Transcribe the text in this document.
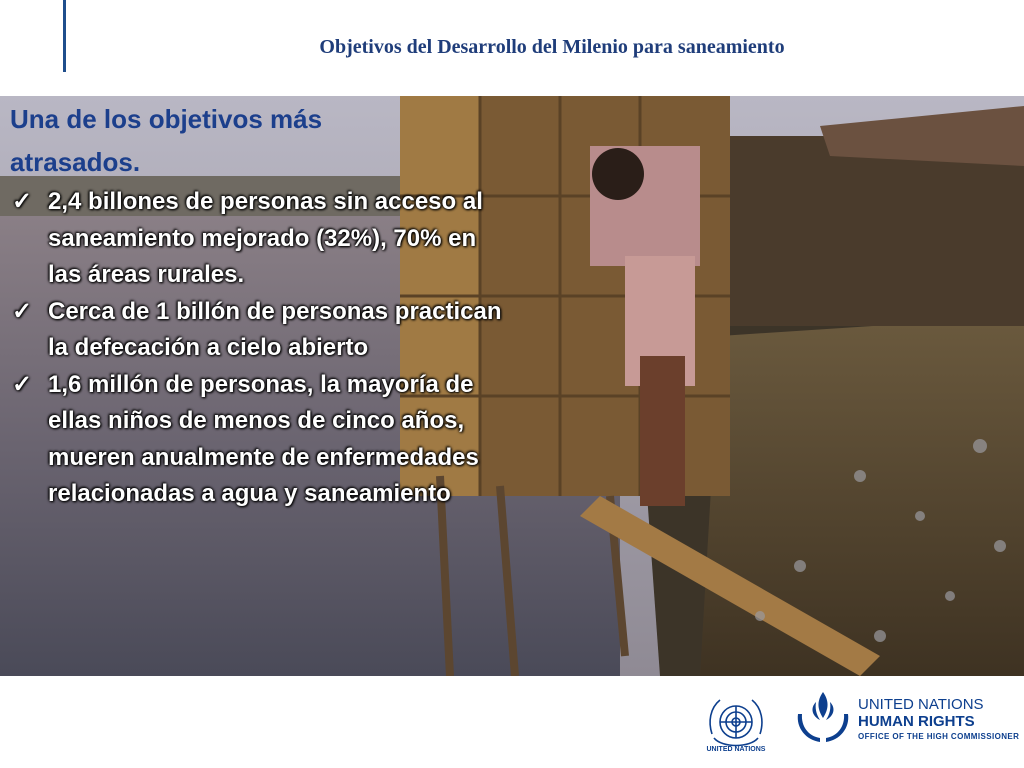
Objetivos del Desarrollo del Milenio para saneamiento
Una de los objetivos más
atrasados.
✓ 2,4 billones de personas sin acceso al saneamiento mejorado (32%), 70% en las áreas rurales.
✓ Cerca de 1 billón de personas practican la defecación a cielo abierto
✓ 1,6 millón de personas, la mayoría de ellas niños de menos de cinco años, mueren anualmente de enfermedades relacionadas a agua y saneamiento
UNITED NATIONS
UNITED NATIONS
HUMAN RIGHTS
OFFICE OF THE HIGH COMMISSIONER
